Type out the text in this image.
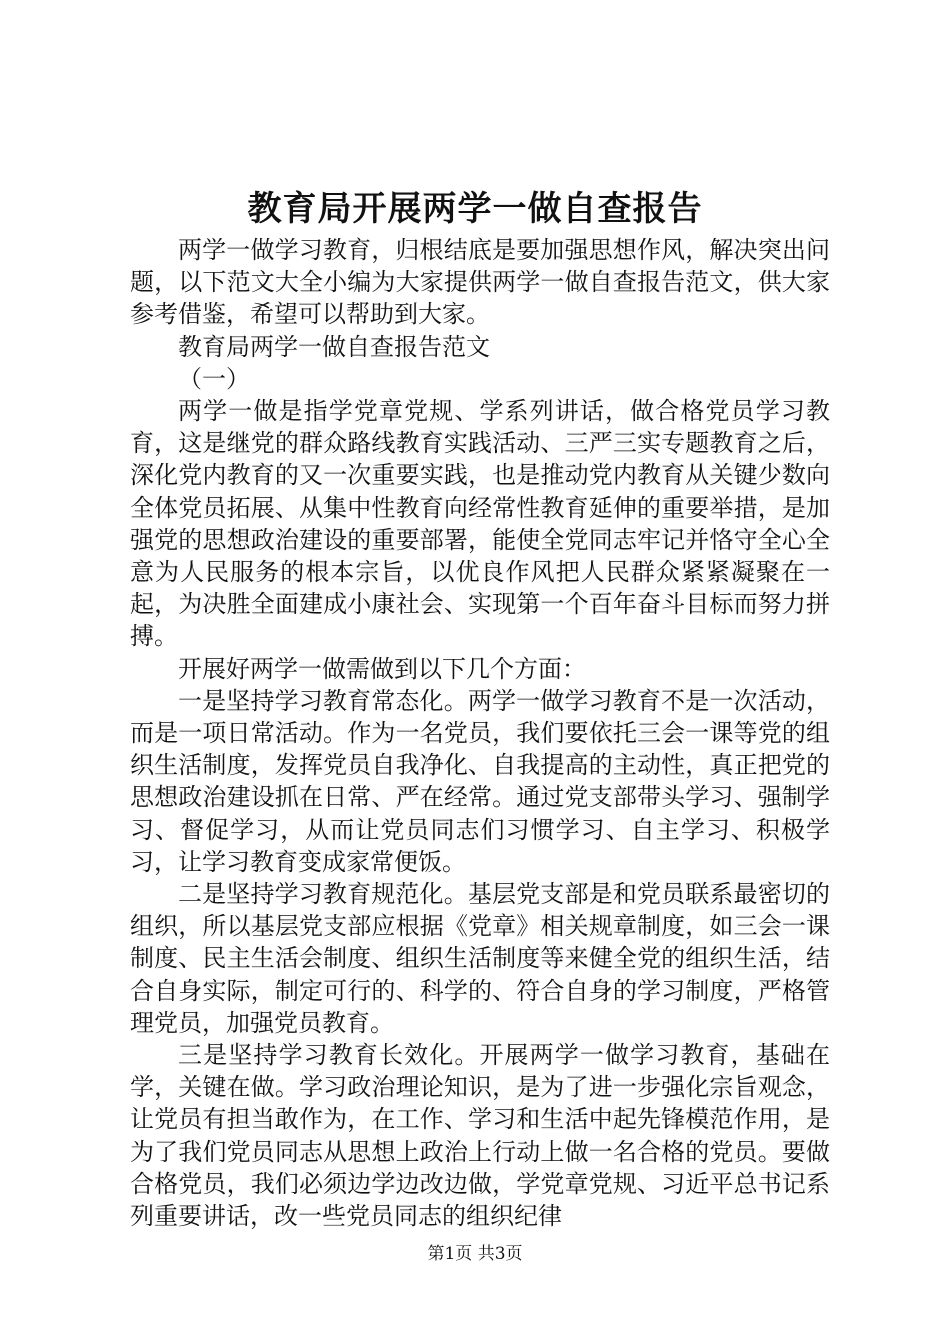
教育局开展两学一做自查报告

两学一做学习教育，归根结底是要加强思想作风，解决突出问题，以下范文大全小编为大家提供两学一做自查报告范文，供大家参考借鉴，希望可以帮助到大家。

教育局两学一做自查报告范文

（一）

两学一做是指学党章党规、学系列讲话，做合格党员学习教育，这是继党的群众路线教育实践活动、三严三实专题教育之后，深化党内教育的又一次重要实践，也是推动党内教育从关键少数向全体党员拓展、从集中性教育向经常性教育延伸的重要举措，是加强党的思想政治建设的重要部署，能使全党同志牢记并恪守全心全意为人民服务的根本宗旨，以优良作风把人民群众紧紧凝聚在一起，为决胜全面建成小康社会、实现第一个百年奋斗目标而努力拼搏。

开展好两学一做需做到以下几个方面：

一是坚持学习教育常态化。两学一做学习教育不是一次活动，而是一项日常活动。作为一名党员，我们要依托三会一课等党的组织生活制度，发挥党员自我净化、自我提高的主动性，真正把党的思想政治建设抓在日常、严在经常。通过党支部带头学习、强制学习、督促学习，从而让党员同志们习惯学习、自主学习、积极学习，让学习教育变成家常便饭。

二是坚持学习教育规范化。基层党支部是和党员联系最密切的组织，所以基层党支部应根据《党章》相关规章制度，如三会一课制度、民主生活会制度、组织生活制度等来健全党的组织生活，结合自身实际，制定可行的、科学的、符合自身的学习制度，严格管理党员，加强党员教育。

三是坚持学习教育长效化。开展两学一做学习教育，基础在学，关键在做。学习政治理论知识，是为了进一步强化宗旨观念，让党员有担当敢作为，在工作、学习和生活中起先锋模范作用，是为了我们党员同志从思想上政治上行动上做一名合格的党员。要做合格党员，我们必须边学边改边做，学党章党规、习近平总书记系列重要讲话，改一些党员同志的组织纪律

第1页 共3页
